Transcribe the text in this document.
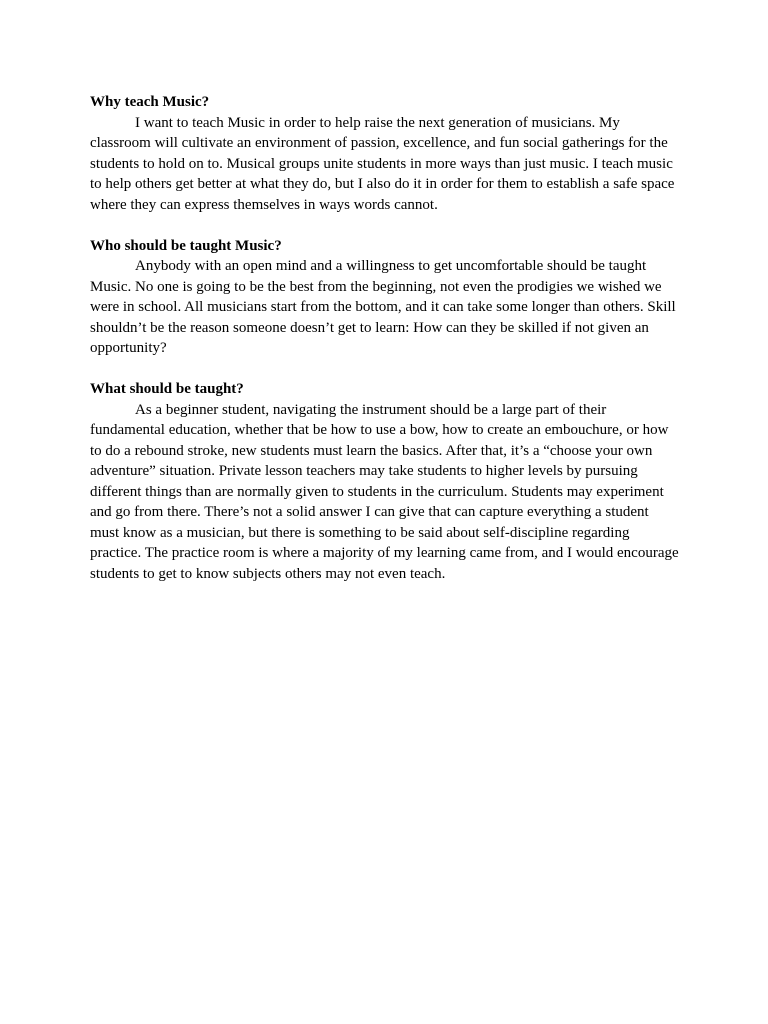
Why teach Music?

I want to teach Music in order to help raise the next generation of musicians. My classroom will cultivate an environment of passion, excellence, and fun social gatherings for the students to hold on to. Musical groups unite students in more ways than just music. I teach music to help others get better at what they do, but I also do it in order for them to establish a safe space where they can express themselves in ways words cannot.

Who should be taught Music?

Anybody with an open mind and a willingness to get uncomfortable should be taught Music. No one is going to be the best from the beginning, not even the prodigies we wished we were in school. All musicians start from the bottom, and it can take some longer than others. Skill shouldn’t be the reason someone doesn’t get to learn: How can they be skilled if not given an opportunity?

What should be taught?

As a beginner student, navigating the instrument should be a large part of their fundamental education, whether that be how to use a bow, how to create an embouchure, or how to do a rebound stroke, new students must learn the basics. After that, it’s a “choose your own adventure” situation. Private lesson teachers may take students to higher levels by pursuing different things than are normally given to students in the curriculum. Students may experiment and go from there. There’s not a solid answer I can give that can capture everything a student must know as a musician, but there is something to be said about self-discipline regarding practice. The practice room is where a majority of my learning came from, and I would encourage students to get to know subjects others may not even teach.
